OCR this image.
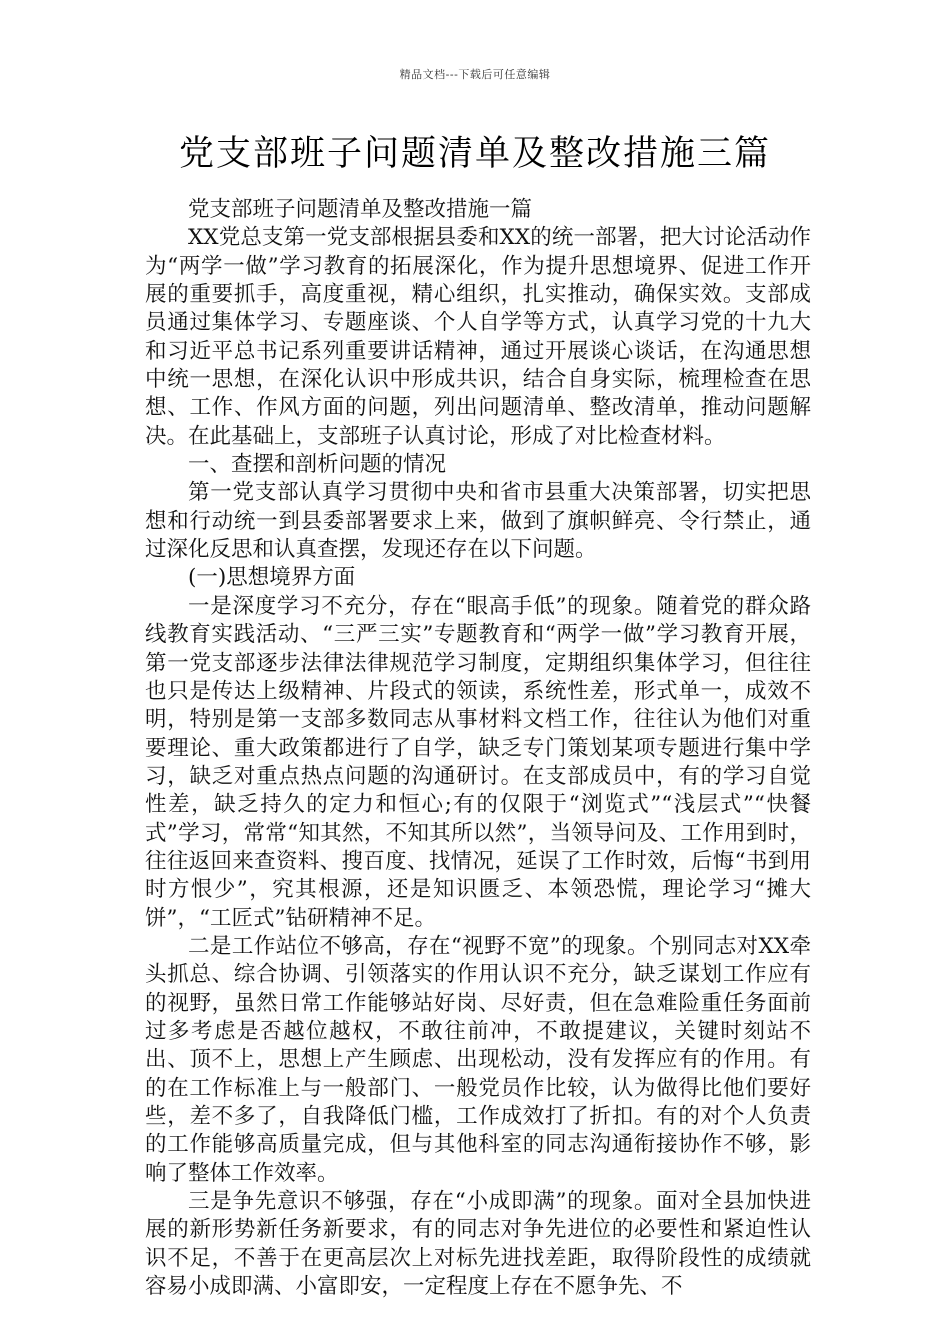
精品文档---下载后可任意编辑
党支部班子问题清单及整改措施三篇

党支部班子问题清单及整改措施一篇

XX党总支第一党支部根据县委和XX的统一部署，把大讨论活动作为“两学一做”学习教育的拓展深化，作为提升思想境界、促进工作开展的重要抓手，高度重视，精心组织，扎实推动，确保实效。支部成员通过集体学习、专题座谈、个人自学等方式，认真学习党的十九大和习近平总书记系列重要讲话精神，通过开展谈心谈话，在沟通思想中统一思想，在深化认识中形成共识，结合自身实际，梳理检查在思想、工作、作风方面的问题，列出问题清单、整改清单，推动问题解决。在此基础上，支部班子认真讨论，形成了对比检查材料。

一、查摆和剖析问题的情况

第一党支部认真学习贯彻中央和省市县重大决策部署，切实把思想和行动统一到县委部署要求上来，做到了旗帜鲜亮、令行禁止，通过深化反思和认真查摆，发现还存在以下问题。

(一)思想境界方面

一是深度学习不充分，存在“眼高手低”的现象。随着党的群众路线教育实践活动、“三严三实”专题教育和“两学一做”学习教育开展，第一党支部逐步法律法律规范学习制度，定期组织集体学习，但往往也只是传达上级精神、片段式的领读，系统性差，形式单一，成效不明，特别是第一支部多数同志从事材料文档工作，往往认为他们对重要理论、重大政策都进行了自学，缺乏专门策划某项专题进行集中学习，缺乏对重点热点问题的沟通研讨。在支部成员中，有的学习自觉性差，缺乏持久的定力和恒心;有的仅限于“浏览式”“浅层式”“快餐式”学习，常常“知其然，不知其所以然”，当领导问及、工作用到时，往往返回来查资料、搜百度、找情况，延误了工作时效，后悔“书到用时方恨少”，究其根源，还是知识匮乏、本领恐慌，理论学习“摊大饼”，“工匠式”钻研精神不足。

二是工作站位不够高，存在“视野不宽”的现象。个别同志对XX牵头抓总、综合协调、引领落实的作用认识不充分，缺乏谋划工作应有的视野，虽然日常工作能够站好岗、尽好责，但在急难险重任务面前过多考虑是否越位越权，不敢往前冲，不敢提建议，关键时刻站不出、顶不上，思想上产生顾虑、出现松动，没有发挥应有的作用。有的在工作标准上与一般部门、一般党员作比较，认为做得比他们要好些，差不多了，自我降低门槛，工作成效打了折扣。有的对个人负责的工作能够高质量完成，但与其他科室的同志沟通衔接协作不够，影响了整体工作效率。

三是争先意识不够强，存在“小成即满”的现象。面对全县加快进展的新形势新任务新要求，有的同志对争先进位的必要性和紧迫性认识不足，不善于在更高层次上对标先进找差距，取得阶段性的成绩就容易小成即满、小富即安，一定程度上存在不愿争先、不
